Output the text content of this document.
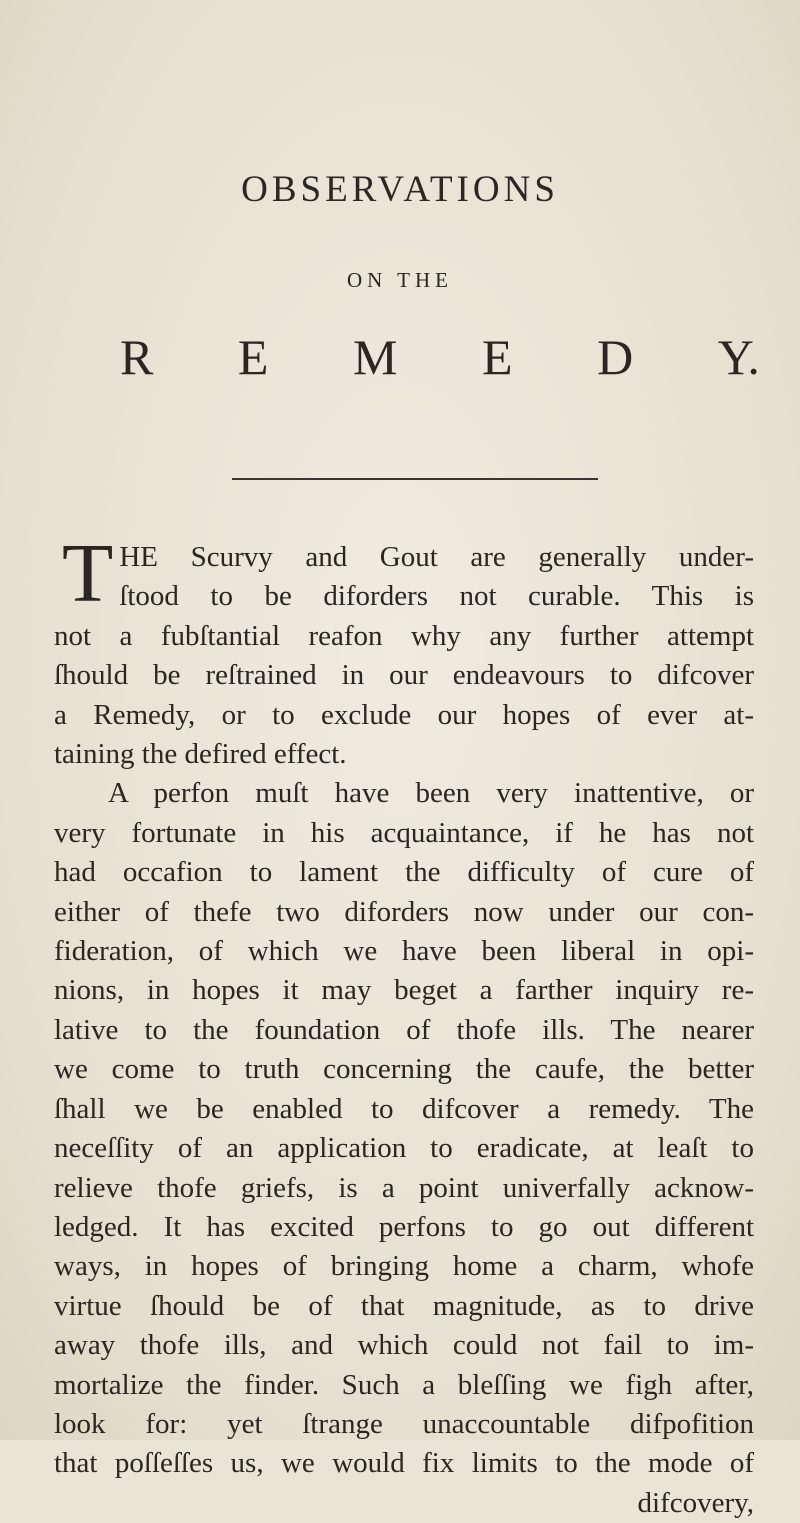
OBSERVATIONS
ON THE
R E M E D Y.
T HE Scurvy and Gout are generally under-
ſtood to be diforders not curable. This is
not a fubſtantial reafon why any further attempt
ſhould be reſtrained in our endeavours to difcover
a Remedy, or to exclude our hopes of ever at-
taining the defired effect.
A perfon muſt have been very inattentive, or
very fortunate in his acquaintance, if he has not
had occafion to lament the difficulty of cure of
either of thefe two diforders now under our con-
fideration, of which we have been liberal in opi-
nions, in hopes it may beget a farther inquiry re-
lative to the foundation of thofe ills. The nearer
we come to truth concerning the caufe, the better
ſhall we be enabled to difcover a remedy. The
neceſſity of an application to eradicate, at leaſt to
relieve thofe griefs, is a point univerfally acknow-
ledged. It has excited perfons to go out different
ways, in hopes of bringing home a charm, whofe
virtue ſhould be of that magnitude, as to drive
away thofe ills, and which could not fail to im-
mortalize the finder. Such a bleſſing we figh after,
look for: yet ſtrange unaccountable difpofition
that poſſeſſes us, we would fix limits to the mode of
difcovery,
